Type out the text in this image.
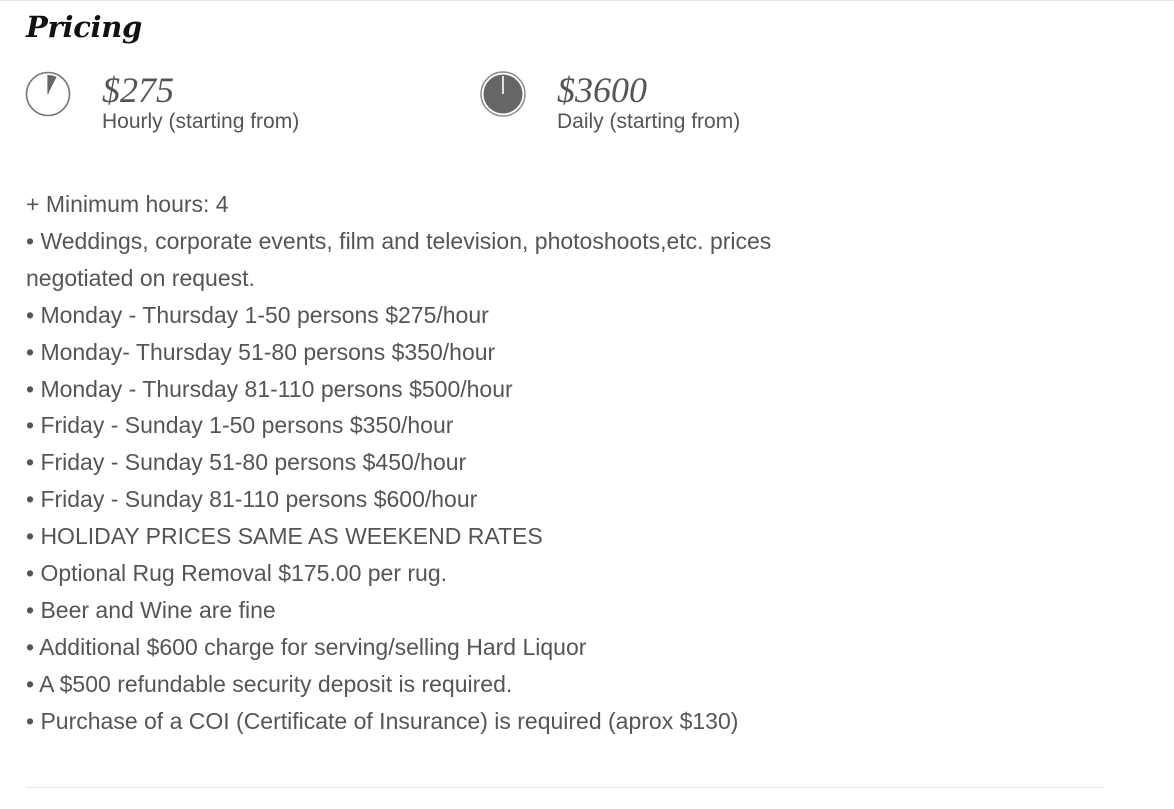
Pricing
$275
Hourly (starting from)
$3600
Daily (starting from)
+ Minimum hours: 4
• Weddings, corporate events, film and television, photoshoots,etc. prices negotiated on request.
• Monday - Thursday 1-50 persons $275/hour
• Monday- Thursday 51-80 persons $350/hour
• Monday - Thursday 81-110 persons $500/hour
• Friday - Sunday 1-50 persons $350/hour
• Friday - Sunday 51-80 persons $450/hour
• Friday - Sunday 81-110 persons $600/hour
• HOLIDAY PRICES SAME AS WEEKEND RATES
• Optional Rug Removal $175.00 per rug.
• Beer and Wine are fine
• Additional $600 charge for serving/selling Hard Liquor
• A $500 refundable security deposit is required.
• Purchase of a COI (Certificate of Insurance) is required (aprox $130)
